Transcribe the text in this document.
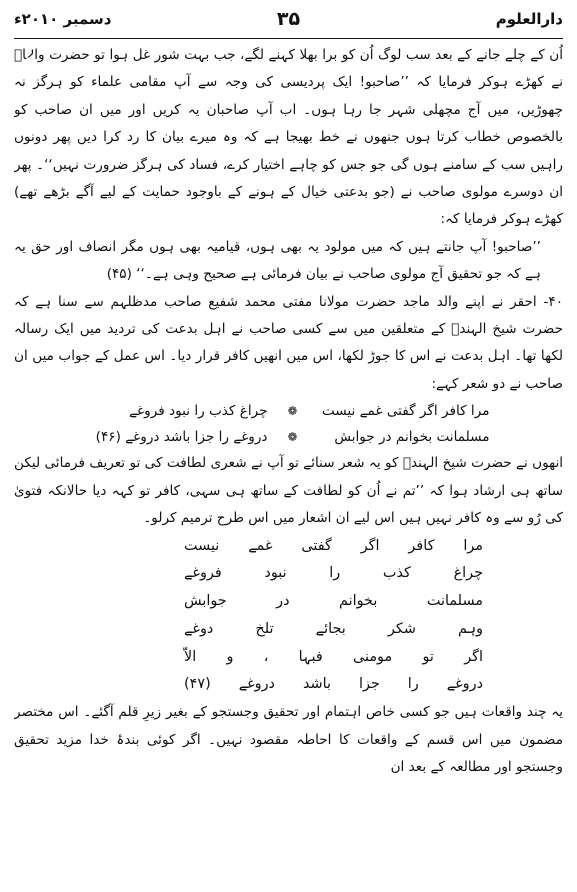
دارالعلوم
۳۵
دسمبر ۲۰۱۰ء

اُن کے چلے جانے کے بعد سب لوگ اُن کو برا بھلا کہنے لگے، جب بہت شور غل ہوا تو حضرت والاؒ نے کھڑے ہوکر فرمایا کہ ’’صاحبو! ایک پردیسی کی وجہ سے آپ مقامی علماء کو ہرگز نہ چھوڑیں، میں آج مچھلی شہر جا رہا ہوں۔ اب آپ صاحبان یہ کریں اور میں ان صاحب کو بالخصوص خطاب کرتا ہوں جنھوں نے خط بھیجا ہے کہ وہ میرے بیان کا رد کرا دیں پھر دونوں راہیں سب کے سامنے ہوں گی جو جس کو چاہے اختیار کرے، فساد کی ہرگز ضرورت نہیں‘‘۔ پھر ان دوسرے مولوی صاحب نے (جو بدعتی خیال کے ہونے کے باوجود حمایت کے لیے آگے بڑھے تھے) کھڑے ہوکر فرمایا کہ:

’’صاحبو! آپ جانتے ہیں کہ میں مولود یہ بھی ہوں، قیامیہ بھی ہوں مگر انصاف اور حق یہ ہے کہ جو تحقیق آج مولوی صاحب نے بیان فرمائی ہے صحیح وہی ہے۔‘‘ (۴۵)

۴۰- احقر نے اپنے والد ماجد حضرت مولانا مفتی محمد شفیع صاحب مدظلہم سے سنا ہے کہ حضرت شیخ الہندؒ کے متعلقین میں سے کسی صاحب نے اہل بدعت کی تردید میں ایک رسالہ لکھا تھا۔ اہل بدعت نے اس کا جوڑ لکھا، اس میں انھیں کافر قرار دیا۔ اس عمل کے جواب میں ان صاحب نے دو شعر کہے:

مرا کافر اگر گفتی غمے نیست
❁
چراغ کذب را نبود فروغے
مسلمانت بخوانم در جوابش
❁
دروغے را جزا باشد دروغے (۴۶)

انھوں نے حضرت شیخ الہندؒ کو یہ شعر سنائے تو آپ نے شعری لطافت کی تو تعریف فرمائی لیکن ساتھ ہی ارشاد ہوا کہ ’’تم نے اُن کو لطافت کے ساتھ ہی سہی، کافر تو کہہ دیا حالانکہ فتویٰ کی رُو سے وہ کافر نہیں ہیں اس لیے ان اشعار میں اس طرح ترمیم کرلو۔

مرا کافر اگر گفتی غمے نیست
چراغ کذب را نبود فروغے
مسلمانت بخوانم در جوابش
وہم شکر بجائے تلخ دوغے
اگر تو مومنی فبہا ، و الاّ
دروغے را جزا باشد دروغے (۴۷)

یہ چند واقعات ہیں جو کسی خاص اہتمام اور تحقیق وجستجو کے بغیر زیرِ قلم آگئے۔ اس مختصر مضمون میں اس قسم کے واقعات کا احاطہ مقصود نہیں۔ اگر کوئی بندۂ خدا مزید تحقیق وجستجو اور مطالعہ کے بعد ان
